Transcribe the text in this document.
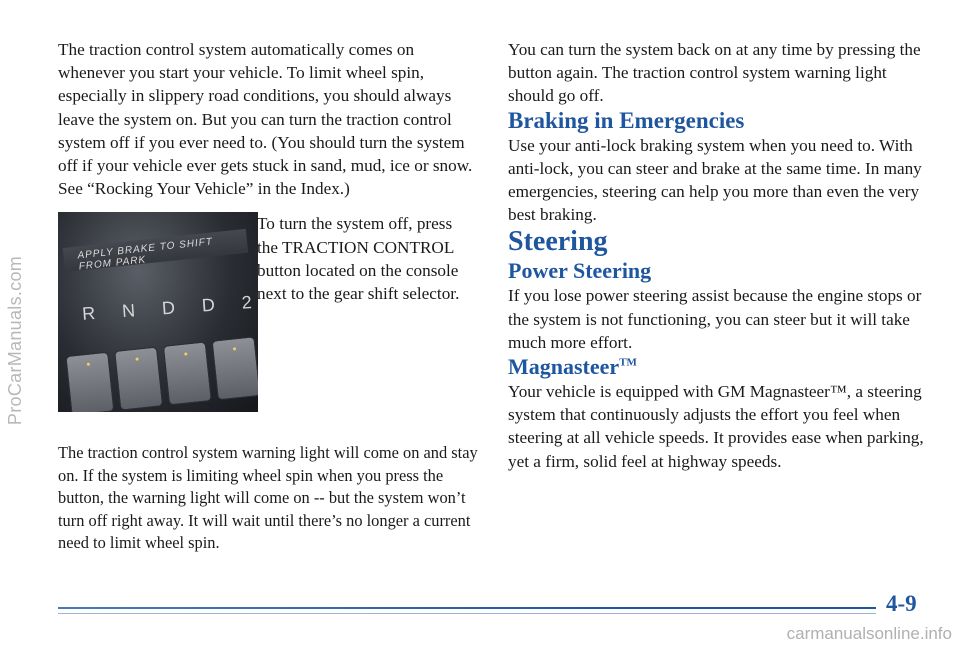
ProCarManuals.com

The traction control system automatically comes on whenever you start your vehicle. To limit wheel spin, especially in slippery road conditions, you should always leave the system on. But you can turn the traction control system off if you ever need to. (You should turn the system off if your vehicle ever gets stuck in sand, mud, ice or snow. See “Rocking Your Vehicle” in the Index.)

APPLY BRAKE TO SHIFT FROM PARK
R N D D 2

To turn the system off, press the TRACTION CONTROL button located on the console next to the gear shift selector.

The traction control system warning light will come on and stay on. If the system is limiting wheel spin when you press the button, the warning light will come on -- but the system won’t turn off right away. It will wait until there’s no longer a current need to limit wheel spin.

You can turn the system back on at any time by pressing the button again. The traction control system warning light should go off.

Braking in Emergencies

Use your anti-lock braking system when you need to. With anti-lock, you can steer and brake at the same time. In many emergencies, steering can help you more than even the very best braking.

Steering
Power Steering

If you lose power steering assist because the engine stops or the system is not functioning, you can steer but it will take much more effort.

Magnasteer™

Your vehicle is equipped with GM Magnasteer™, a steering system that continuously adjusts the effort you feel when steering at all vehicle speeds. It provides ease when parking, yet a firm, solid feel at highway speeds.

4-9
carmanualsonline.info
